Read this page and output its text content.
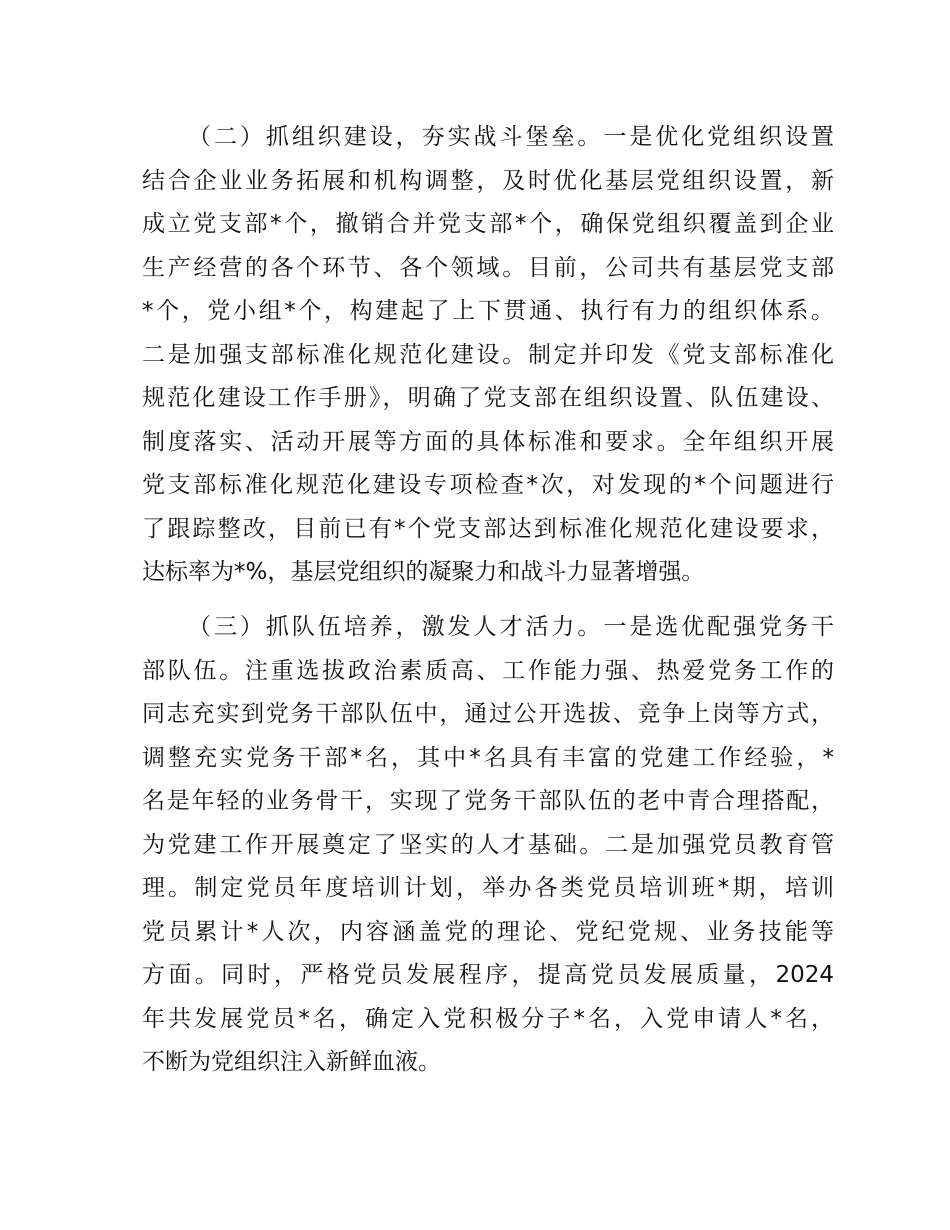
（二）抓组织建设，夯实战斗堡垒。一是优化党组织设置
结合企业业务拓展和机构调整，及时优化基层党组织设置，新
成立党支部*个，撤销合并党支部*个，确保党组织覆盖到企业
生产经营的各个环节、各个领域。目前，公司共有基层党支部
*个，党小组*个，构建起了上下贯通、执行有力的组织体系。
二是加强支部标准化规范化建设。制定并印发《党支部标准化
规范化建设工作手册》，明确了党支部在组织设置、队伍建设、
制度落实、活动开展等方面的具体标准和要求。全年组织开展
党支部标准化规范化建设专项检查*次，对发现的*个问题进行
了跟踪整改，目前已有*个党支部达到标准化规范化建设要求，
达标率为*%，基层党组织的凝聚力和战斗力显著增强。
（三）抓队伍培养，激发人才活力。一是选优配强党务干
部队伍。注重选拔政治素质高、工作能力强、热爱党务工作的
同志充实到党务干部队伍中，通过公开选拔、竞争上岗等方式，
调整充实党务干部*名，其中*名具有丰富的党建工作经验，*
名是年轻的业务骨干，实现了党务干部队伍的老中青合理搭配，
为党建工作开展奠定了坚实的人才基础。二是加强党员教育管
理。制定党员年度培训计划，举办各类党员培训班*期，培训
党员累计*人次，内容涵盖党的理论、党纪党规、业务技能等
方面。同时，严格党员发展程序，提高党员发展质量，2024
年共发展党员*名，确定入党积极分子*名，入党申请人*名，
不断为党组织注入新鲜血液。
